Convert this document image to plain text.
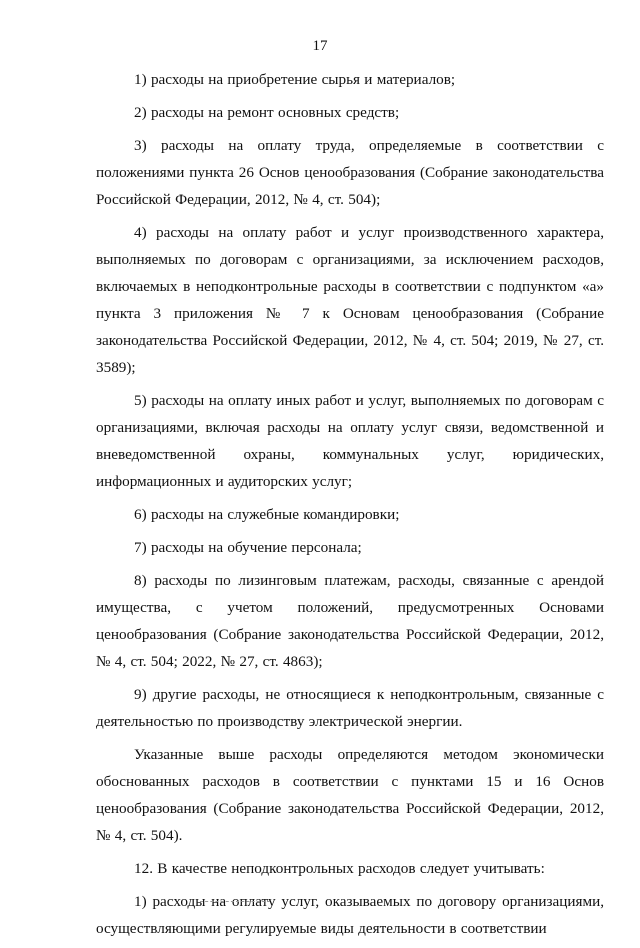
17

1) расходы на приобретение сырья и материалов;

2) расходы на ремонт основных средств;

3) расходы на оплату труда, определяемые в соответствии с положениями пункта 26 Основ ценообразования (Собрание законодательства Российской Федерации, 2012, № 4, ст. 504);

4) расходы на оплату работ и услуг производственного характера, выполняемых по договорам с организациями, за исключением расходов, включаемых в неподконтрольные расходы в соответствии с подпунктом «а» пункта 3 приложения № 7 к Основам ценообразования (Собрание законодательства Российской Федерации, 2012, № 4, ст. 504; 2019, № 27, ст. 3589);

5) расходы на оплату иных работ и услуг, выполняемых по договорам с организациями, включая расходы на оплату услуг связи, ведомственной и вневедомственной охраны, коммунальных услуг, юридических, информационных и аудиторских услуг;

6) расходы на служебные командировки;

7) расходы на обучение персонала;

8) расходы по лизинговым платежам, расходы, связанные с арендой имущества, с учетом положений, предусмотренных Основами ценообразования (Собрание законодательства Российской Федерации, 2012, № 4, ст. 504; 2022, № 27, ст. 4863);

9) другие расходы, не относящиеся к неподконтрольным, связанные с деятельностью по производству электрической энергии.

Указанные выше расходы определяются методом экономически обоснованных расходов в соответствии с пунктами 15 и 16 Основ ценообразования (Собрание законодательства Российской Федерации, 2012, № 4, ст. 504).

12. В качестве неподконтрольных расходов следует учитывать:

1) расходы на оплату услуг, оказываемых по договору организациями, осуществляющими регулируемые виды деятельности в соответствии
